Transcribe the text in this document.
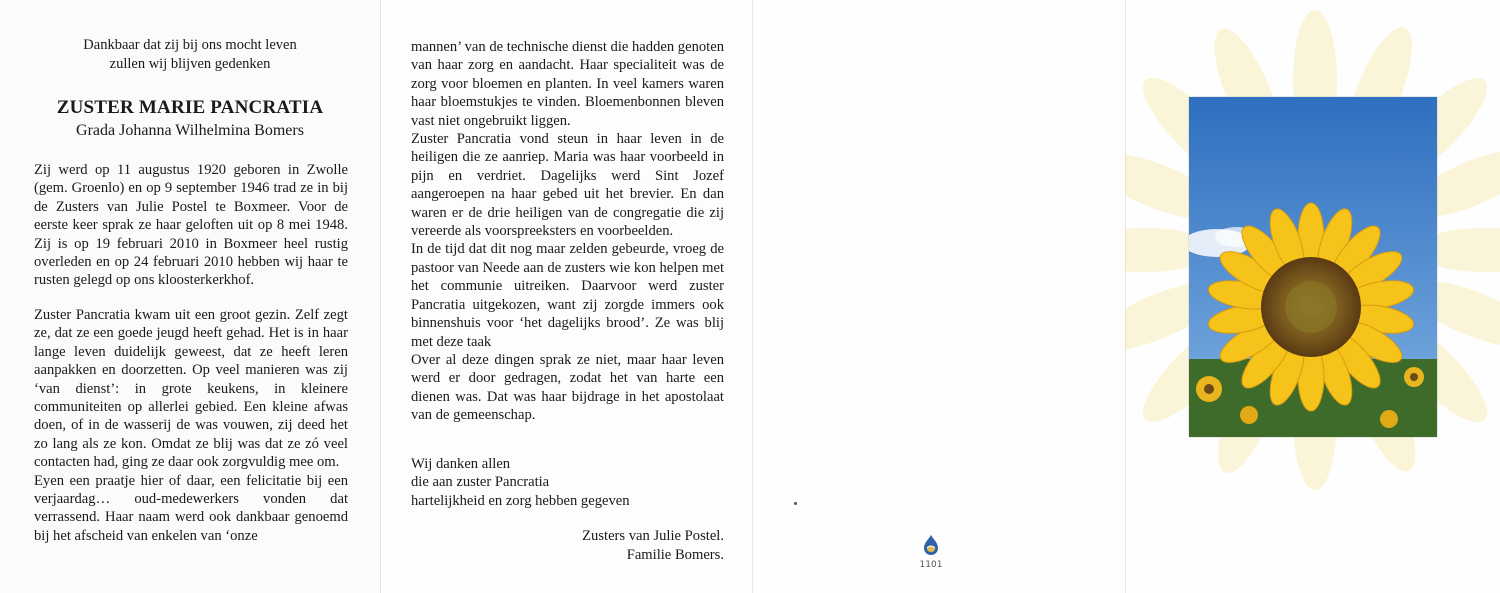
Dankbaar dat zij bij ons mocht leven
zullen wij blijven gedenken
ZUSTER MARIE PANCRATIA
Grada Johanna Wilhelmina Bomers

Zij werd op 11 augustus 1920 geboren in Zwolle (gem. Groenlo) en op 9 september 1946 trad ze in bij de Zusters van Julie Postel te Boxmeer. Voor de eerste keer sprak ze haar geloften uit op 8 mei 1948. Zij is op 19 februari 2010 in Boxmeer heel rustig overleden en op 24 februari 2010 hebben wij haar te rusten gelegd op ons kloosterkerkhof.

Zuster Pancratia kwam uit een groot gezin. Zelf zegt ze, dat ze een goede jeugd heeft gehad. Het is in haar lange leven duidelijk geweest, dat ze heeft leren aanpakken en doorzetten. Op veel manieren was zij ‘van dienst’: in grote keukens, in kleinere communiteiten op allerlei gebied. Een kleine afwas doen, of in de wasserij de was vouwen, zij deed het zo lang als ze kon. Omdat ze blij was dat ze zó veel contacten had, ging ze daar ook zorgvuldig mee om.

Eyen een praatje hier of daar, een felicitatie bij een verjaardag… oud-medewerkers vonden dat verrassend. Haar naam werd ook dankbaar genoemd bij het afscheid van enkelen van ‘onze

mannen’ van de technische dienst die hadden genoten van haar zorg en aandacht. Haar specialiteit was de zorg voor bloemen en planten. In veel kamers waren haar bloemstukjes te vinden. Bloemenbonnen bleven vast niet ongebruikt liggen.

Zuster Pancratia vond steun in haar leven in de heiligen die ze aanriep. Maria was haar voorbeeld in pijn en verdriet. Dagelijks werd Sint Jozef aangeroepen na haar gebed uit het brevier. En dan waren er de drie heiligen van de congregatie die zij vereerde als voorspreeksters en voorbeelden.

In de tijd dat dit nog maar zelden gebeurde, vroeg de pastoor van Neede aan de zusters wie kon helpen met het communie uitreiken. Daarvoor werd zuster Pancratia uitgekozen, want zij zorgde immers ook binnenshuis voor ‘het dagelijks brood’. Ze was blij met deze taak

Over al deze dingen sprak ze niet, maar haar leven werd er door gedragen, zodat het van harte een dienen was. Dat was haar bijdrage in het apostolaat van de gemeenschap.

Wij danken allen
die aan zuster Pancratia
hartelijkheid en zorg hebben gegeven
Zusters van Julie Postel.
Familie Bomers.
1101
